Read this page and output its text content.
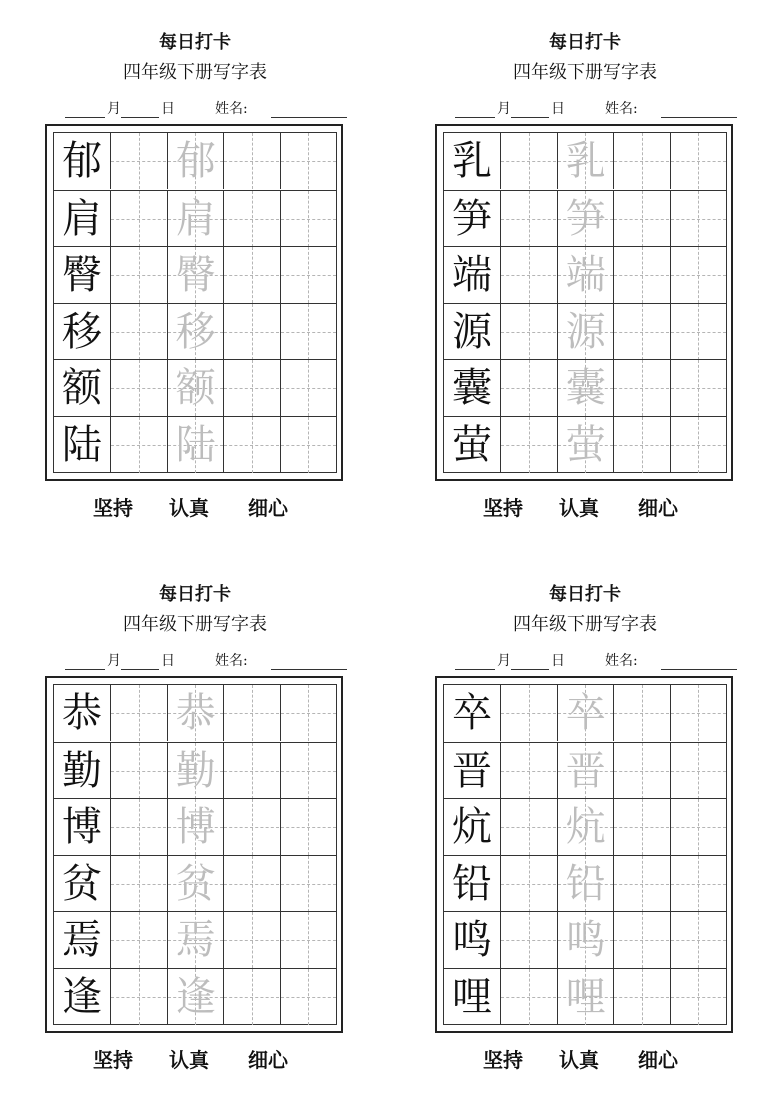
每日打卡
四年级下册写字表
月	日	姓名:
郁 郁
肩 肩
臀 臀
移 移
额 额
陆 陆
坚持 认真 细心
每日打卡
四年级下册写字表
月	日	姓名:
乳 乳
笋 笋
端 端
源 源
囊 囊
萤 萤
坚持 认真 细心
每日打卡
四年级下册写字表
月	日	姓名:
恭 恭
勤 勤
博 博
贫 贫
焉 焉
逢 逢
坚持 认真 细心
每日打卡
四年级下册写字表
月	日	姓名:
卒 卒
晋 晋
炕 炕
铅 铅
鸣 鸣
哩 哩
坚持 认真 细心
